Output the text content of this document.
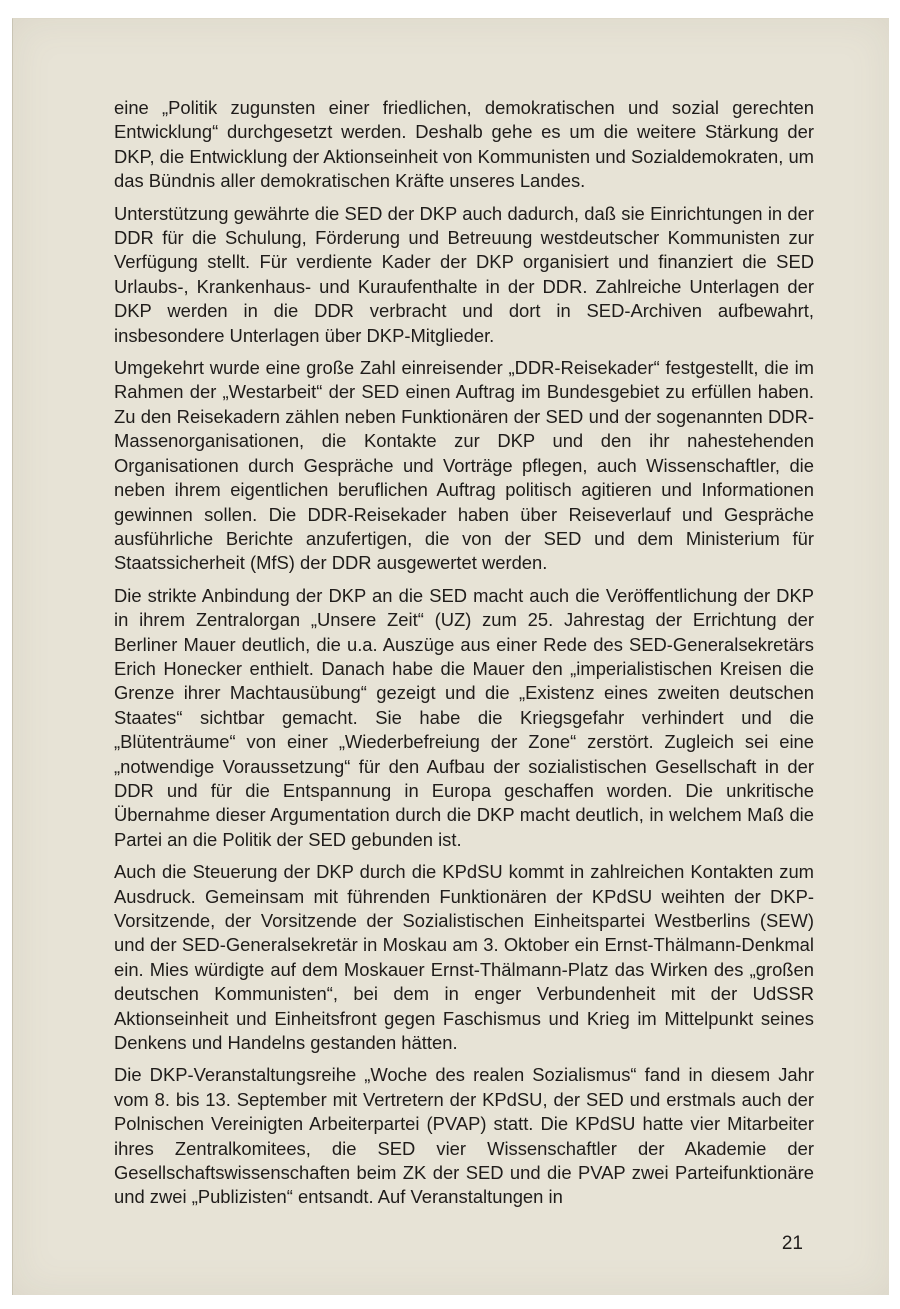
eine „Politik zugunsten einer friedlichen, demokratischen und sozial gerechten Entwicklung“ durchgesetzt werden. Deshalb gehe es um die weitere Stärkung der DKP, die Entwicklung der Aktionseinheit von Kommunisten und Sozialdemokraten, um das Bündnis aller demokratischen Kräfte unseres Landes.

Unterstützung gewährte die SED der DKP auch dadurch, daß sie Einrichtungen in der DDR für die Schulung, Förderung und Betreuung westdeutscher Kommunisten zur Verfügung stellt. Für verdiente Kader der DKP organisiert und finanziert die SED Urlaubs-, Krankenhaus- und Kuraufenthalte in der DDR. Zahlreiche Unterlagen der DKP werden in die DDR verbracht und dort in SED-Archiven aufbewahrt, insbesondere Unterlagen über DKP-Mitglieder.

Umgekehrt wurde eine große Zahl einreisender „DDR-Reisekader“ festgestellt, die im Rahmen der „Westarbeit“ der SED einen Auftrag im Bundesgebiet zu erfüllen haben. Zu den Reisekadern zählen neben Funktionären der SED und der sogenannten DDR-Massenorganisationen, die Kontakte zur DKP und den ihr nahestehenden Organisationen durch Gespräche und Vorträge pflegen, auch Wissenschaftler, die neben ihrem eigentlichen beruflichen Auftrag politisch agitieren und Informationen gewinnen sollen. Die DDR-Reisekader haben über Reiseverlauf und Gespräche ausführliche Berichte anzufertigen, die von der SED und dem Ministerium für Staatssicherheit (MfS) der DDR ausgewertet werden.

Die strikte Anbindung der DKP an die SED macht auch die Veröffentlichung der DKP in ihrem Zentralorgan „Unsere Zeit“ (UZ) zum 25. Jahrestag der Errichtung der Berliner Mauer deutlich, die u.a. Auszüge aus einer Rede des SED-Generalsekretärs Erich Honecker enthielt. Danach habe die Mauer den „imperialistischen Kreisen die Grenze ihrer Machtausübung“ gezeigt und die „Existenz eines zweiten deutschen Staates“ sichtbar gemacht. Sie habe die Kriegsgefahr verhindert und die „Blütenträume“ von einer „Wiederbefreiung der Zone“ zerstört. Zugleich sei eine „notwendige Voraussetzung“ für den Aufbau der sozialistischen Gesellschaft in der DDR und für die Entspannung in Europa geschaffen worden. Die unkritische Übernahme dieser Argumentation durch die DKP macht deutlich, in welchem Maß die Partei an die Politik der SED gebunden ist.

Auch die Steuerung der DKP durch die KPdSU kommt in zahlreichen Kontakten zum Ausdruck. Gemeinsam mit führenden Funktionären der KPdSU weihten der DKP-Vorsitzende, der Vorsitzende der Sozialistischen Einheitspartei Westberlins (SEW) und der SED-Generalsekretär in Moskau am 3. Oktober ein Ernst-Thälmann-Denkmal ein. Mies würdigte auf dem Moskauer Ernst-Thälmann-Platz das Wirken des „großen deutschen Kommunisten“, bei dem in enger Verbundenheit mit der UdSSR Aktionseinheit und Einheitsfront gegen Faschismus und Krieg im Mittelpunkt seines Denkens und Handelns gestanden hätten.

Die DKP-Veranstaltungsreihe „Woche des realen Sozialismus“ fand in diesem Jahr vom 8. bis 13. September mit Vertretern der KPdSU, der SED und erstmals auch der Polnischen Vereinigten Arbeiterpartei (PVAP) statt. Die KPdSU hatte vier Mitarbeiter ihres Zentralkomitees, die SED vier Wissenschaftler der Akademie der Gesellschaftswissenschaften beim ZK der SED und die PVAP zwei Parteifunktionäre und zwei „Publizisten“ entsandt. Auf Veranstaltungen in

21
